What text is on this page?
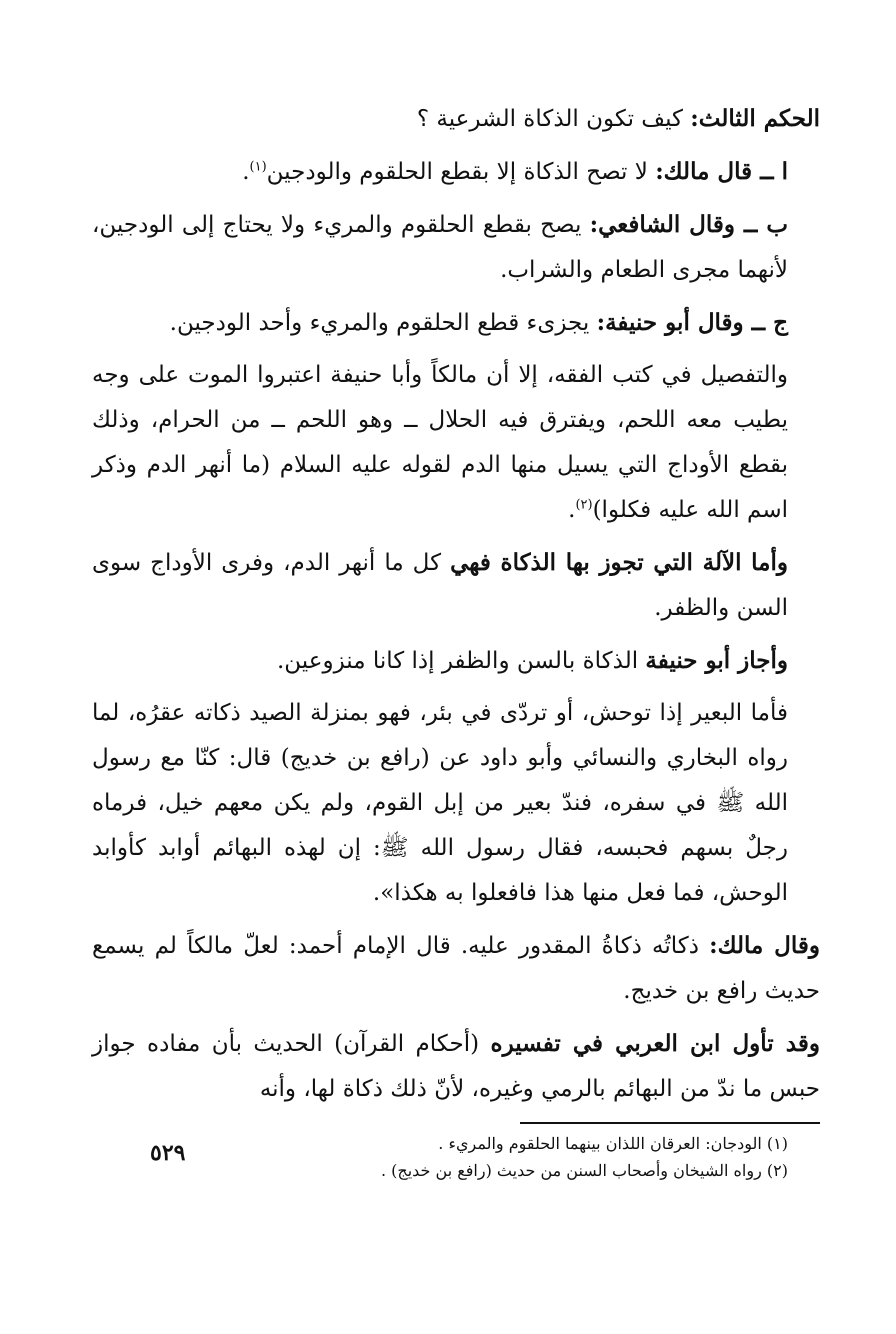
الحكم الثالث: كيف تكون الذكاة الشرعية ؟

ا ــ قال مالك: لا تصح الذكاة إلا بقطع الحلقوم والودجين$^{(١)}$.

ب ــ وقال الشافعي: يصح بقطع الحلقوم والمريء ولا يحتاج إلى الودجين، لأنهما مجرى الطعام والشراب.

ج ــ وقال أبو حنيفة: يجزىء قطع الحلقوم والمريء وأحد الودجين.

والتفصيل في كتب الفقه، إلا أن مالكاً وأبا حنيفة اعتبروا الموت على وجه يطيب معه اللحم، ويفترق فيه الحلال ــ وهو اللحم ــ من الحرام، وذلك بقطع الأوداج التي يسيل منها الدم لقوله عليه السلام (ما أنهر الدم وذكر اسم الله عليه فكلوا)$^{(٢)}$.

وأما الآلة التي تجوز بها الذكاة فهي كل ما أنهر الدم، وفرى الأوداج سوى السن والظفر.

وأجاز أبو حنيفة الذكاة بالسن والظفر إذا كانا منزوعين.

فأما البعير إذا توحش، أو تردّى في بئر، فهو بمنزلة الصيد ذكاته عقرُه، لما رواه البخاري والنسائي وأبو داود عن (رافع بن خديج) قال: كنّا مع رسول الله ﷺ في سفره، فندّ بعير من إبل القوم، ولم يكن معهم خيل، فرماه رجلٌ بسهم فحبسه، فقال رسول الله ﷺ: إن لهذه البهائم أوابد كأوابد الوحش، فما فعل منها هذا فافعلوا به هكذا».

وقال مالك: ذكاتُه ذكاةُ المقدور عليه. قال الإمام أحمد: لعلّ مالكاً لم يسمع حديث رافع بن خديج.

وقد تأول ابن العربي في تفسيره (أحكام القرآن) الحديث بأن مفاده جواز حبس ما ندّ من البهائم بالرمي وغيره، لأنّ ذلك ذكاة لها، وأنه

(١) الودجان: العرقان اللذان بينهما الحلقوم والمريء .

(٢) رواه الشيخان وأصحاب السنن من حديث (رافع بن خديج) .

٥٢٩
